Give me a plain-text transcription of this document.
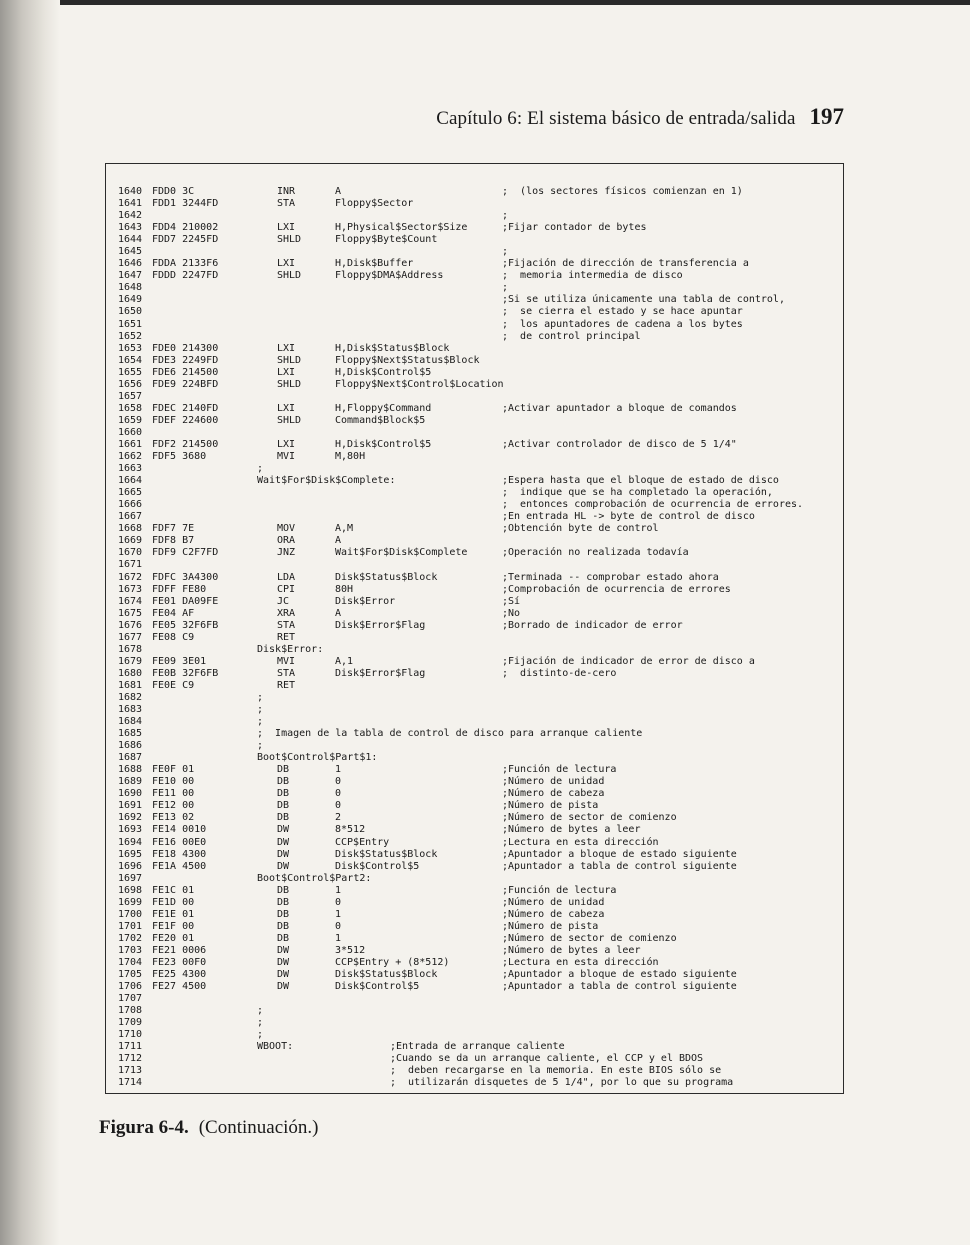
197
Capítulo 6: El sistema básico de entrada/salida
1640 FDD0 3C	INR	A	;  (los sectores físicos comienzan en 1)
1641 FDD1 3244FD	STA	Floppy$Sector
1642	;
1643 FDD4 210002	LXI	H,Physical$Sector$Size	;Fijar contador de bytes
1644 FDD7 2245FD	SHLD	Floppy$Byte$Count
1645	;
1646 FDDA 2133F6	LXI	H,Disk$Buffer	;Fijación de dirección de transferencia a
1647 FDDD 2247FD	SHLD	Floppy$DMA$Address	;  memoria intermedia de disco
1648	;
1649	;Si se utiliza únicamente una tabla de control,
1650	;  se cierra el estado y se hace apuntar
1651	;  los apuntadores de cadena a los bytes
1652	;  de control principal
1653 FDE0 214300	LXI	H,Disk$Status$Block
1654 FDE3 2249FD	SHLD	Floppy$Next$Status$Block
1655 FDE6 214500	LXI	H,Disk$Control$5
1656 FDE9 224BFD	SHLD	Floppy$Next$Control$Location
1657
1658 FDEC 2140FD	LXI	H,Floppy$Command	;Activar apuntador a bloque de comandos
1659 FDEF 224600	SHLD	Command$Block$5
1660
1661 FDF2 214500	LXI	H,Disk$Control$5	;Activar controlador de disco de 5 1/4"
1662 FDF5 3680	MVI	M,80H
1663	;
1664	Wait$For$Disk$Complete:	;Espera hasta que el bloque de estado de disco
1665	;  indique que se ha completado la operación,
1666	;  entonces comprobación de ocurrencia de errores.
1667	;En entrada HL -> byte de control de disco
1668 FDF7 7E	MOV	A,M	;Obtención byte de control
1669 FDF8 B7	ORA	A
1670 FDF9 C2F7FD	JNZ	Wait$For$Disk$Complete	;Operación no realizada todavía
1671
1672 FDFC 3A4300	LDA	Disk$Status$Block	;Terminada -- comprobar estado ahora
1673 FDFF FE80	CPI	80H	;Comprobación de ocurrencia de errores
1674 FE01 DA09FE	JC	Disk$Error	;Sí
1675 FE04 AF	XRA	A	;No
1676 FE05 32F6FB	STA	Disk$Error$Flag	;Borrado de indicador de error
1677 FE08 C9	RET
1678	Disk$Error:
1679 FE09 3E01	MVI	A,1	;Fijación de indicador de error de disco a
1680 FE0B 32F6FB	STA	Disk$Error$Flag	;  distinto-de-cero
1681 FE0E C9	RET
1682	;
1683	;
1684	;
1685	;  Imagen de la tabla de control de disco para arranque caliente
1686	;
1687	Boot$Control$Part$1:
1688 FE0F 01	DB	1	;Función de lectura
1689 FE10 00	DB	0	;Número de unidad
1690 FE11 00	DB	0	;Número de cabeza
1691 FE12 00	DB	0	;Número de pista
1692 FE13 02	DB	2	;Número de sector de comienzo
1693 FE14 0010	DW	8*512	;Número de bytes a leer
1694 FE16 00E0	DW	CCP$Entry	;Lectura en esta dirección
1695 FE18 4300	DW	Disk$Status$Block	;Apuntador a bloque de estado siguiente
1696 FE1A 4500	DW	Disk$Control$5	;Apuntador a tabla de control siguiente
1697	Boot$Control$Part2:
1698 FE1C 01	DB	1	;Función de lectura
1699 FE1D 00	DB	0	;Número de unidad
1700 FE1E 01	DB	1	;Número de cabeza
1701 FE1F 00	DB	0	;Número de pista
1702 FE20 01	DB	1	;Número de sector de comienzo
1703 FE21 0006	DW	3*512	;Número de bytes a leer
1704 FE23 00F0	DW	CCP$Entry + (8*512)	;Lectura en esta dirección
1705 FE25 4300	DW	Disk$Status$Block	;Apuntador a bloque de estado siguiente
1706 FE27 4500	DW	Disk$Control$5	;Apuntador a tabla de control siguiente
1707
1708	;
1709	;
1710	;
1711	WBOOT:	;Entrada de arranque caliente
1712	;Cuando se da un arranque caliente, el CCP y el BDOS
1713	;  deben recargarse en la memoria. En este BIOS sólo se
1714	;  utilizarán disquetes de 5 1/4", por lo que su programa
Figura 6-4. (Continuación.)
